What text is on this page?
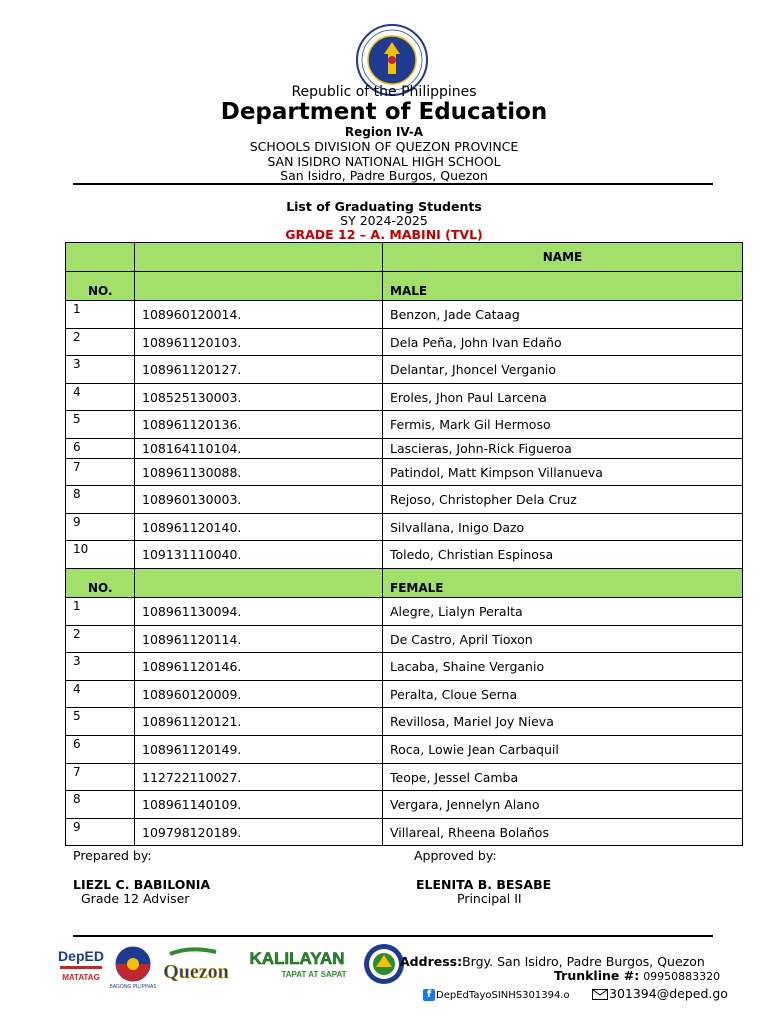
Republic of the Philippines
Department of Education
Region IV-A
SCHOOLS DIVISION OF QUEZON PROVINCE
SAN ISIDRO NATIONAL HIGH SCHOOL
San Isidro, Padre Burgos, Quezon
List of Graduating Students
SY 2024-2025
GRADE 12 – A. MABINI (TVL)
		NAME
NO.		MALE
1	108960120014.	Benzon, Jade Cataag
2	108961120103.	Dela Peña, John Ivan Edaño
3	108961120127.	Delantar, Jhoncel Verganio
4	108525130003.	Eroles, Jhon Paul Larcena
5	108961120136.	Fermis, Mark Gil Hermoso
6	108164110104.	Lascieras, John-Rick Figueroa
7	108961130088.	Patindol, Matt Kimpson Villanueva
8	108960130003.	Rejoso, Christopher Dela Cruz
9	108961120140.	Silvallana, Inigo Dazo
10	109131110040.	Toledo, Christian Espinosa
NO.		FEMALE
1	108961130094.	Alegre, Lialyn Peralta
2	108961120114.	De Castro, April Tioxon
3	108961120146.	Lacaba, Shaine Verganio
4	108960120009.	Peralta, Cloue Serna
5	108961120121.	Revillosa, Mariel Joy Nieva
6	108961120149.	Roca, Lowie Jean Carbaquil
7	112722110027.	Teope, Jessel Camba
8	108961140109.	Vergara, Jennelyn Alano
9	109798120189.	Villareal, Rheena Bolaños
Prepared by:
LIEZL C. BABILONIA
Grade 12 Adviser
Approved by:
ELENITA B. BESABE
Principal II
DepED
MATATAG
BAGONG PILIPINAS
Quezon
KALILAYAN
TAPAT AT SAPAT
Address:Brgy. San Isidro, Padre Burgos, Quezon
Trunkline #: 09950883320
f DepEdTayoSINHS301394.o	301394@deped.go
